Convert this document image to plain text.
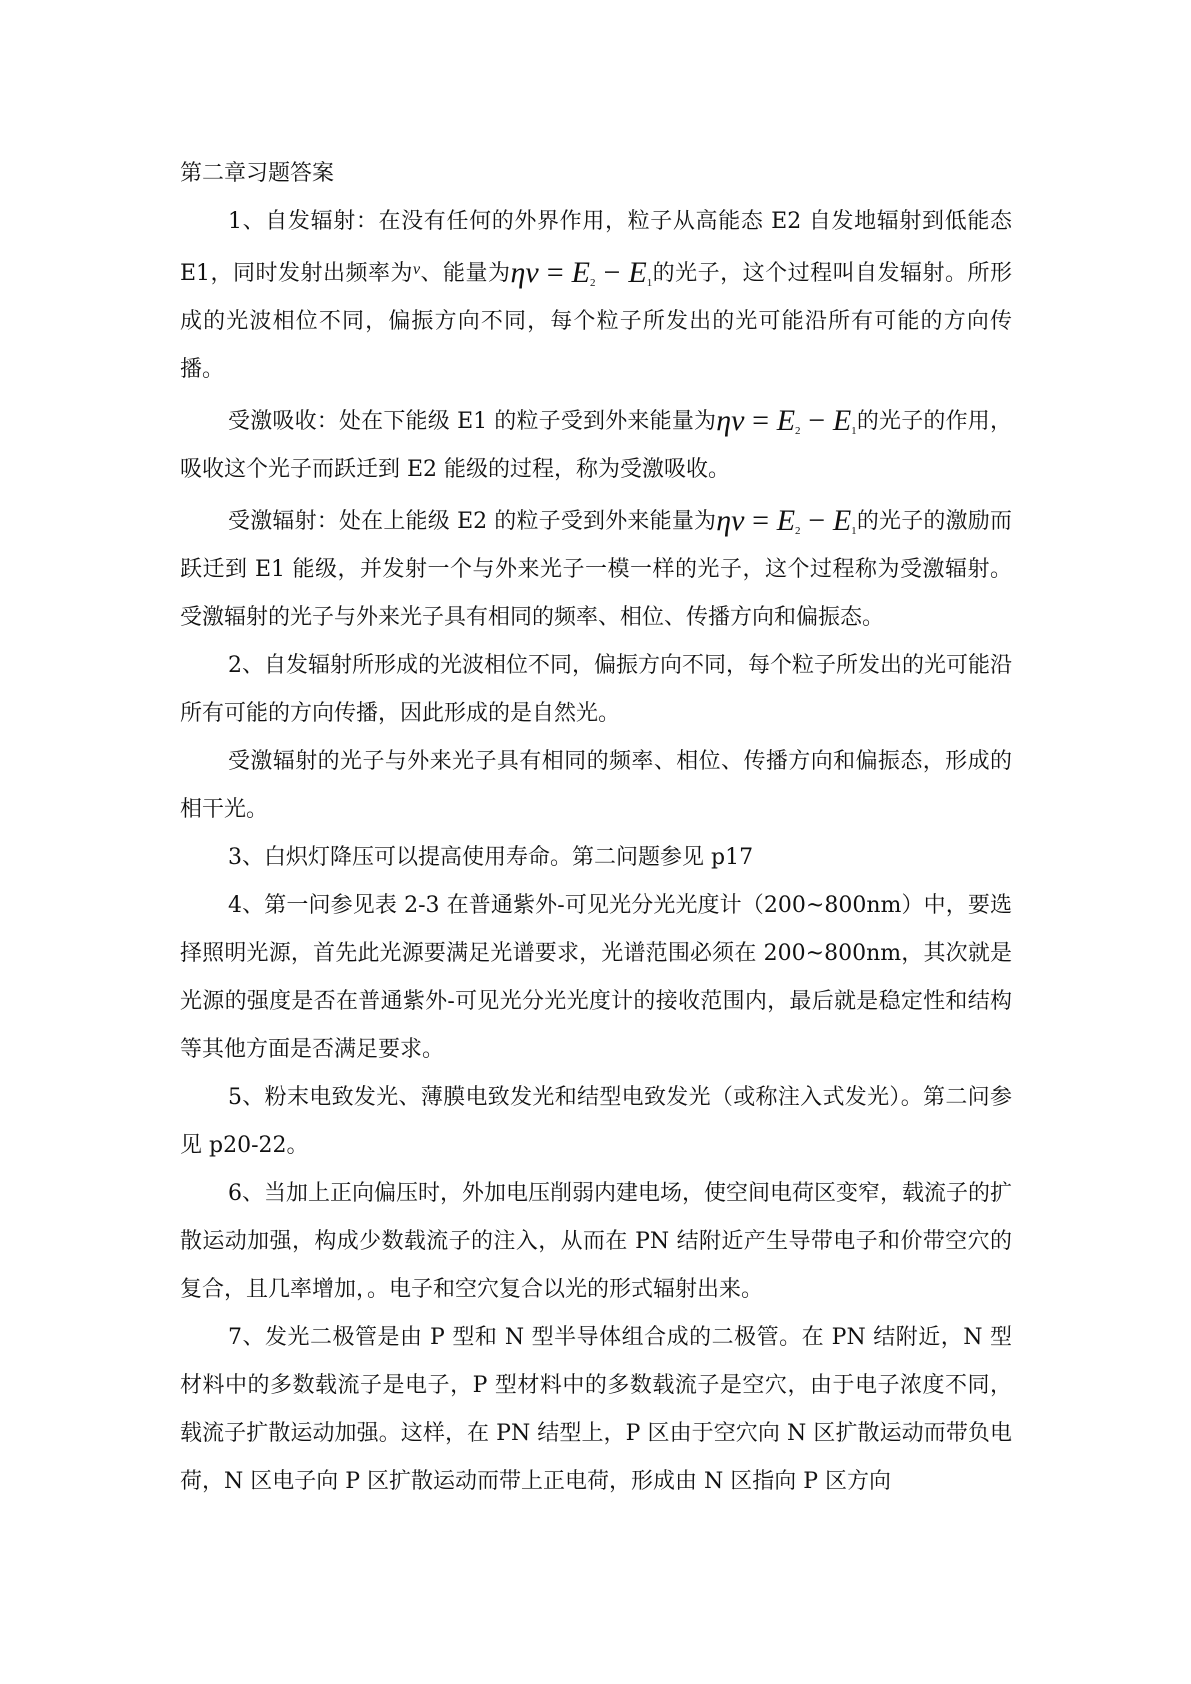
第二章习题答案

1、自发辐射：在没有任何的外界作用，粒子从高能态 E2 自发地辐射到低能态 E1，同时发射出频率为$^\nu$、能量为$\eta\nu = E_2 - E_1$的光子，这个过程叫自发辐射。所形成的光波相位不同，偏振方向不同，每个粒子所发出的光可能沿所有可能的方向传播。

受激吸收：处在下能级 E1 的粒子受到外来能量为$\eta\nu = E_2 - E_1$的光子的作用，吸收这个光子而跃迁到 E2 能级的过程，称为受激吸收。

受激辐射：处在上能级 E2 的粒子受到外来能量为$\eta\nu = E_2 - E_1$的光子的激励而跃迁到 E1 能级，并发射一个与外来光子一模一样的光子，这个过程称为受激辐射。受激辐射的光子与外来光子具有相同的频率、相位、传播方向和偏振态。

2、自发辐射所形成的光波相位不同，偏振方向不同，每个粒子所发出的光可能沿所有可能的方向传播，因此形成的是自然光。

受激辐射的光子与外来光子具有相同的频率、相位、传播方向和偏振态，形成的相干光。

3、白炽灯降压可以提高使用寿命。第二问题参见 p17

4、第一问参见表 2-3 在普通紫外-可见光分光光度计（200~800nm）中，要选择照明光源，首先此光源要满足光谱要求，光谱范围必须在 200~800nm，其次就是光源的强度是否在普通紫外-可见光分光光度计的接收范围内，最后就是稳定性和结构等其他方面是否满足要求。

5、粉末电致发光、薄膜电致发光和结型电致发光（或称注入式发光）。第二问参见 p20-22。

6、当加上正向偏压时，外加电压削弱内建电场，使空间电荷区变窄，载流子的扩散运动加强，构成少数载流子的注入，从而在 PN 结附近产生导带电子和价带空穴的复合，且几率增加，。电子和空穴复合以光的形式辐射出来。

7、发光二极管是由 P 型和 N 型半导体组合成的二极管。在 PN 结附近，N 型材料中的多数载流子是电子，P 型材料中的多数载流子是空穴，由于电子浓度不同，载流子扩散运动加强。这样，在 PN 结型上，P 区由于空穴向 N 区扩散运动而带负电荷，N 区电子向 P 区扩散运动而带上正电荷，形成由 N 区指向 P 区方向
